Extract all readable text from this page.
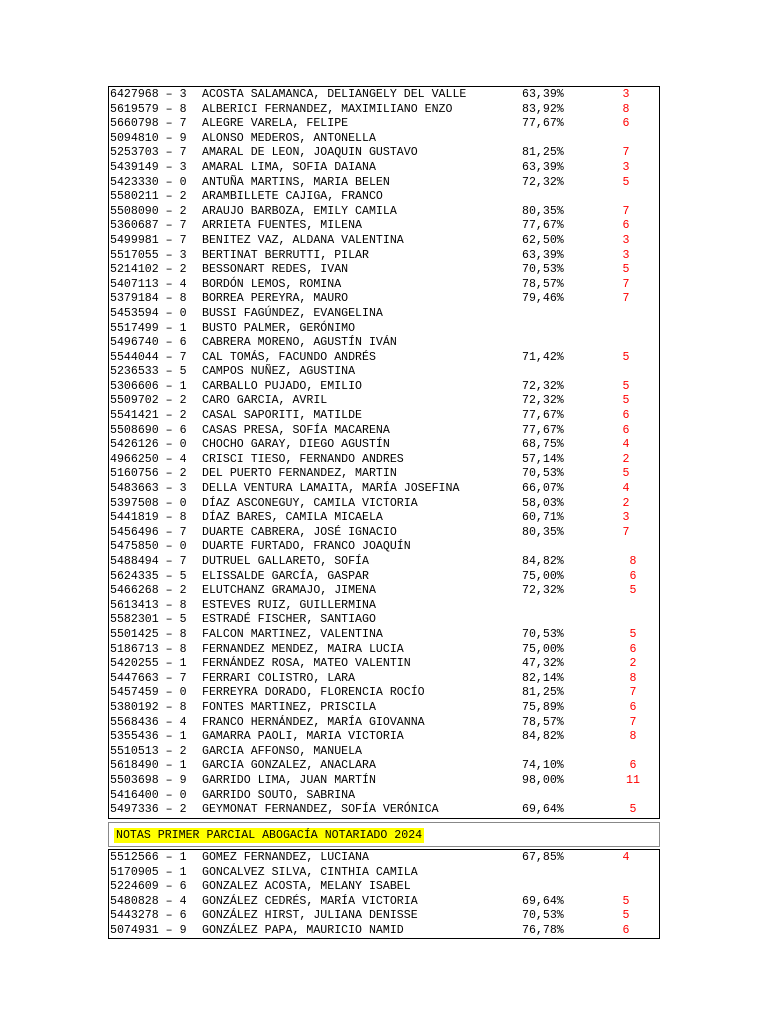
6427968 – 3 ACOSTA SALAMANCA, DELIANGELY DEL VALLE	63,39%	3
5619579 – 8 ALBERICI FERNANDEZ, MAXIMILIANO ENZO	83,92%	8
5660798 – 7 ALEGRE VARELA, FELIPE	77,67%	6
5094810 – 9 ALONSO MEDEROS, ANTONELLA
5253703 – 7 AMARAL DE LEON, JOAQUIN GUSTAVO	81,25%	7
5439149 – 3 AMARAL LIMA, SOFIA DAIANA	63,39%	3
5423330 – 0 ANTUÑA MARTINS, MARIA BELEN	72,32%	5
5580211 – 2 ARAMBILLETE CAJIGA, FRANCO
5508090 – 2 ARAUJO BARBOZA, EMILY CAMILA	80,35%	7
5360687 – 7 ARRIETA FUENTES, MILENA	77,67%	6
5499981 – 7 BENITEZ VAZ, ALDANA VALENTINA	62,50%	3
5517055 – 3 BERTINAT BERRUTTI, PILAR	63,39%	3
5214102 – 2 BESSONART REDES, IVAN	70,53%	5
5407113 – 4 BORDÓN LEMOS, ROMINA	78,57%	7
5379184 – 8 BORREA PEREYRA, MAURO	79,46%	7
5453594 – 0 BUSSI FAGÚNDEZ, EVANGELINA
5517499 – 1 BUSTO PALMER, GERÓNIMO
5496740 – 6 CABRERA MORENO, AGUSTÍN IVÁN
5544044 – 7 CAL TOMÁS, FACUNDO ANDRÉS	71,42%	5
5236533 – 5 CAMPOS NUÑEZ, AGUSTINA
5306606 – 1 CARBALLO PUJADO, EMILIO	72,32%	5
5509702 – 2 CARO GARCIA, AVRIL	72,32%	5
5541421 – 2 CASAL SAPORITI, MATILDE	77,67%	6
5508690 – 6 CASAS PRESA, SOFÍA MACARENA	77,67%	6
5426126 – 0 CHOCHO GARAY, DIEGO AGUSTÍN	68,75%	4
4966250 – 4 CRISCI TIESO, FERNANDO ANDRES	57,14%	2
5160756 – 2 DEL PUERTO FERNANDEZ, MARTIN	70,53%	5
5483663 – 3 DELLA VENTURA LAMAITA, MARÍA JOSEFINA	66,07%	4
5397508 – 0 DÍAZ ASCONEGUY, CAMILA VICTORIA	58,03%	2
5441819 – 8 DÍAZ BARES, CAMILA MICAELA	60,71%	3
5456496 – 7 DUARTE CABRERA, JOSÉ IGNACIO	80,35%	7
5475850 – 0 DUARTE FURTADO, FRANCO JOAQUÍN
5488494 – 7 DUTRUEL GALLARETO, SOFÍA	84,82%	8
5624335 – 5 ELISSALDE GARCÍA, GASPAR	75,00%	6
5466268 – 2 ELUTCHANZ GRAMAJO, JIMENA	72,32%	5
5613413 – 8 ESTEVES RUIZ, GUILLERMINA
5582301 – 5 ESTRADÉ FISCHER, SANTIAGO
5501425 – 8 FALCON MARTINEZ, VALENTINA	70,53%	5
5186713 – 8 FERNANDEZ MENDEZ, MAIRA LUCIA	75,00%	6
5420255 – 1 FERNÁNDEZ ROSA, MATEO VALENTIN	47,32%	2
5447663 – 7 FERRARI COLISTRO, LARA	82,14%	8
5457459 – 0 FERREYRA DORADO, FLORENCIA ROCÍO	81,25%	7
5380192 – 8 FONTES MARTINEZ, PRISCILA	75,89%	6
5568436 – 4 FRANCO HERNÁNDEZ, MARÍA GIOVANNA	78,57%	7
5355436 – 1 GAMARRA PAOLI, MARIA VICTORIA	84,82%	8
5510513 – 2 GARCIA AFFONSO, MANUELA
5618490 – 1 GARCIA GONZALEZ, ANACLARA	74,10%	6
5503698 – 9 GARRIDO LIMA, JUAN MARTÍN	98,00%	11
5416400 – 0 GARRIDO SOUTO, SABRINA
5497336 – 2 GEYMONAT FERNANDEZ, SOFÍA VERÓNICA	69,64%	5
NOTAS PRIMER PARCIAL ABOGACÍA NOTARIADO 2024
5512566 – 1 GOMEZ FERNANDEZ, LUCIANA	67,85%	4
5170905 – 1 GONCALVEZ SILVA, CINTHIA CAMILA
5224609 – 6 GONZALEZ ACOSTA, MELANY ISABEL
5480828 – 4 GONZÁLEZ CEDRÉS, MARÍA VICTORIA	69,64%	5
5443278 – 6 GONZÁLEZ HIRST, JULIANA DENISSE	70,53%	5
5074931 – 9 GONZÁLEZ PAPA, MAURICIO NAMID	76,78%	6
